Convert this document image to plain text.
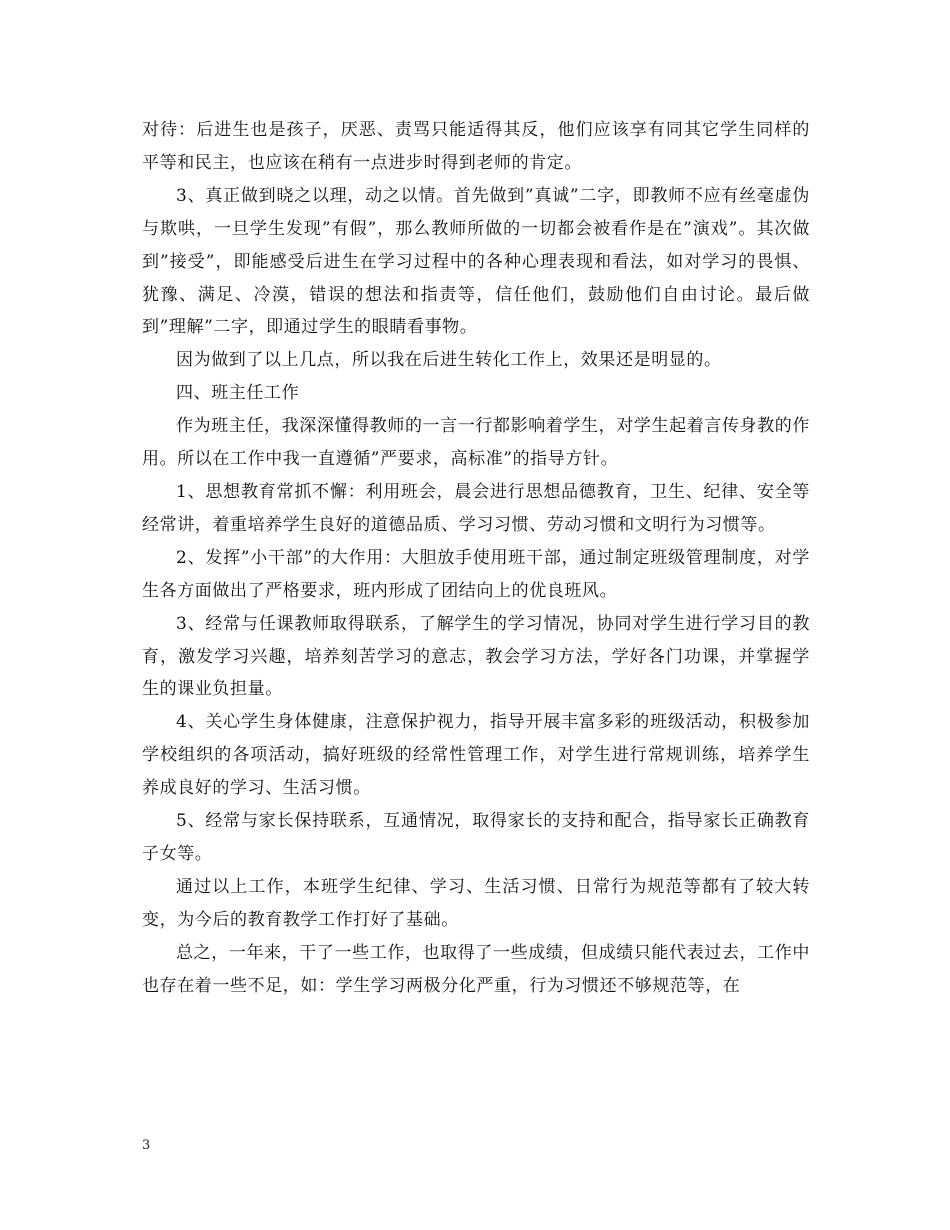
对待：后进生也是孩子，厌恶、责骂只能适得其反，他们应该享有同其它学生同样的平等和民主，也应该在稍有一点进步时得到老师的肯定。

3、真正做到晓之以理，动之以情。首先做到”真诚”二字，即教师不应有丝毫虚伪与欺哄，一旦学生发现”有假”，那么教师所做的一切都会被看作是在”演戏”。其次做到”接受”，即能感受后进生在学习过程中的各种心理表现和看法，如对学习的畏惧、犹豫、满足、冷漠，错误的想法和指责等，信任他们，鼓励他们自由讨论。最后做到”理解”二字，即通过学生的眼睛看事物。

因为做到了以上几点，所以我在后进生转化工作上，效果还是明显的。

四、班主任工作

作为班主任，我深深懂得教师的一言一行都影响着学生，对学生起着言传身教的作用。所以在工作中我一直遵循”严要求，高标准”的指导方针。

1、思想教育常抓不懈：利用班会，晨会进行思想品德教育，卫生、纪律、安全等经常讲，着重培养学生良好的道德品质、学习习惯、劳动习惯和文明行为习惯等。

2、发挥”小干部”的大作用：大胆放手使用班干部，通过制定班级管理制度，对学生各方面做出了严格要求，班内形成了团结向上的优良班风。

3、经常与任课教师取得联系，了解学生的学习情况，协同对学生进行学习目的教育，激发学习兴趣，培养刻苦学习的意志，教会学习方法，学好各门功课，并掌握学生的课业负担量。

4、关心学生身体健康，注意保护视力，指导开展丰富多彩的班级活动，积极参加学校组织的各项活动，搞好班级的经常性管理工作，对学生进行常规训练，培养学生养成良好的学习、生活习惯。

5、经常与家长保持联系，互通情况，取得家长的支持和配合，指导家长正确教育子女等。

通过以上工作，本班学生纪律、学习、生活习惯、日常行为规范等都有了较大转变，为今后的教育教学工作打好了基础。

总之，一年来，干了一些工作，也取得了一些成绩，但成绩只能代表过去，工作中也存在着一些不足，如：学生学习两极分化严重，行为习惯还不够规范等，在

3
